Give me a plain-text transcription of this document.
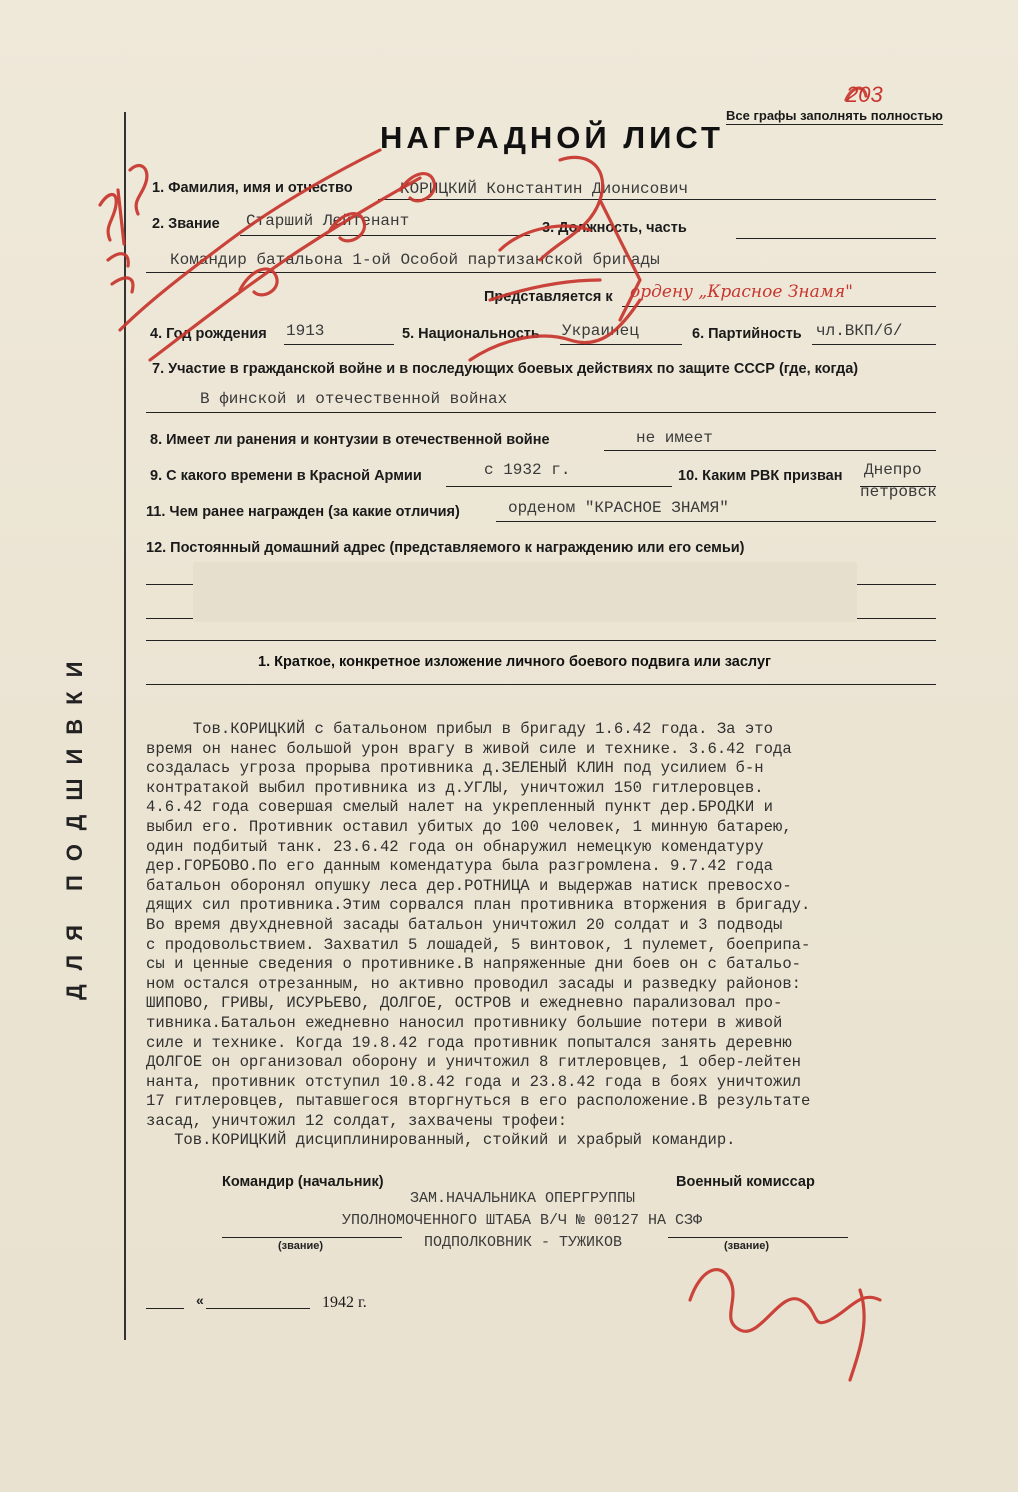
ДЛЯ ПОДШИВКИ
203
Все графы заполнять полностью
НАГРАДНОЙ ЛИСТ
1. Фамилия, имя и отчество	КОРИЦКИЙ Константин Дионисович
2. Звание Старший Лейтенант	3. Должность, часть
Командир батальона 1-ой Особой партизанской бригады
Представляется к ордену „Красное Знамя"
4. Год рождения 1913	5. Национальность Украинец	6. Партийность чл.ВКП/б/
7. Участие в гражданской войне и в последующих боевых действиях по защите СССР (где, когда)
В финской и отечественной войнах
8. Имеет ли ранения и контузии в отечественной войне	не имеет
9. С какого времени в Красной Армии	с 1932 г.	10. Каким РВК призван Днепро
петровск
11. Чем ранее награжден (за какие отличия)	орденом "КРАСНОЕ ЗНАМЯ"
12. Постоянный домашний адрес (представляемого к награждению или его семьи)
1. Краткое, конкретное изложение личного боевого подвига или заслуг
Тов.КОРИЦКИЙ с батальоном прибыл в бригаду 1.6.42 года. За это
время он нанес большой урон врагу в живой силе и технике. 3.6.42 года
создалась угроза прорыва противника д.ЗЕЛЕНЫЙ КЛИН под усилием б-н
контратакой выбил противника из д.УГЛЫ, уничтожил 150 гитлеровцев.
4.6.42 года совершая смелый налет на укрепленный пункт дер.БРОДКИ и
выбил его. Противник оставил убитых до 100 человек, 1 минную батарею,
один подбитый танк. 23.6.42 года он обнаружил немецкую комендатуру
дер.ГОРБОВО.По его данным комендатура была разгромлена. 9.7.42 года
батальон оборонял опушку леса дер.РОТНИЦА и выдержав натиск превосхо-
дящих сил противника.Этим сорвался план противника вторжения в бригаду.
Во время двухдневной засады батальон уничтожил 20 солдат и 3 подводы
с продовольствием. Захватил 5 лошадей, 5 винтовок, 1 пулемет, боеприпа-
сы и ценные сведения о противнике.В напряженные дни боев он с батальо-
ном остался отрезанным, но активно проводил засады и разведку районов:
ШИПОВО, ГРИВЫ, ИСУРЬЕВО, ДОЛГОЕ, ОСТРОВ и ежедневно парализовал про-
тивника.Батальон ежедневно наносил противнику большие потери в живой
силе и технике. Когда 19.8.42 года противник попытался занять деревню
ДОЛГОЕ он организовал оборону и уничтожил 8 гитлеровцев, 1 обер-лейтен
нанта, противник отступил 10.8.42 года и 23.8.42 года в боях уничтожил
17 гитлеровцев, пытавшегося вторгнуться в его расположение.В результате
засад, уничтожил 12 солдат, захвачены трофеи:
Тов.КОРИЦКИЙ дисциплинированный, стойкий и храбрый командир.
Командир (начальник)	Военный комиссар
ЗАМ.НАЧАЛЬНИКА ОПЕРГРУППЫ
УПОЛНОМОЧЕННОГО ШТАБА В/Ч № 00127 НА СЗФ
ПОДПОЛКОВНИК - ТУЖИКОВ
(звание)	(звание)
«	1942 г.
